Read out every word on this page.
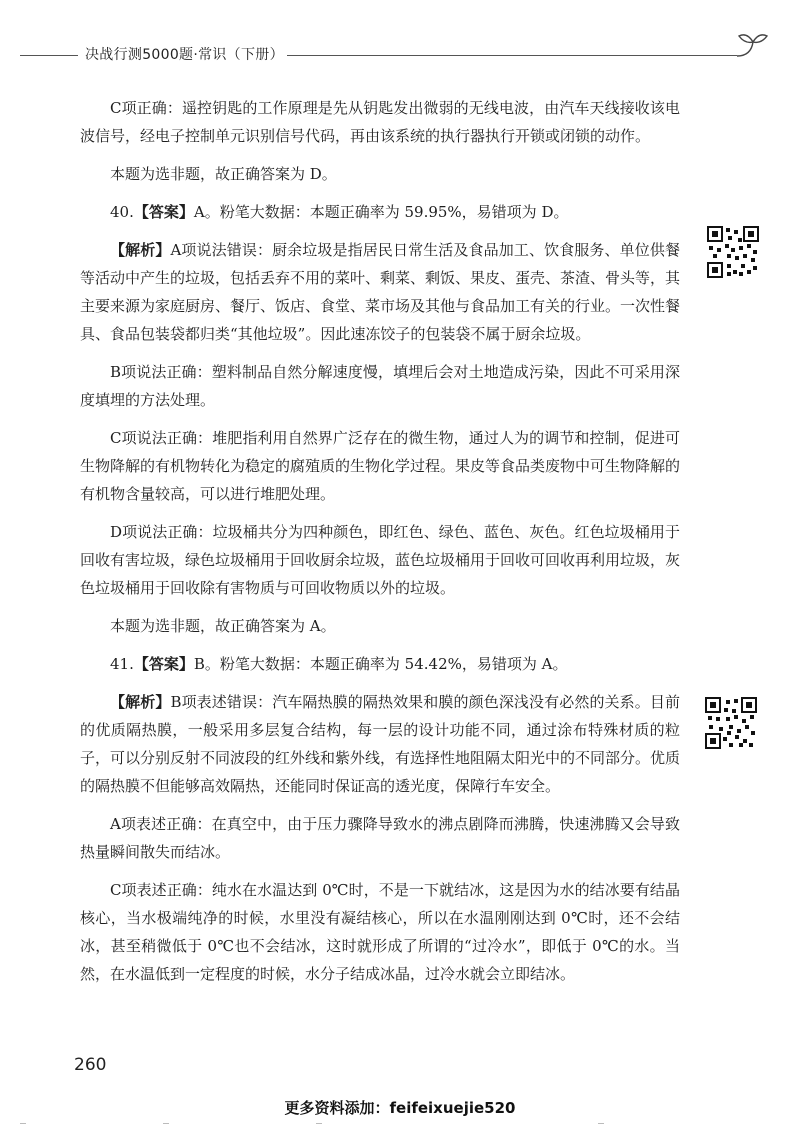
决战行测5000题·常识（下册）

C项正确：遥控钥匙的工作原理是先从钥匙发出微弱的无线电波，由汽车天线接收该电波信号，经电子控制单元识别信号代码，再由该系统的执行器执行开锁或闭锁的动作。

本题为选非题，故正确答案为 D。

40.【答案】A。粉笔大数据：本题正确率为 59.95%，易错项为 D。

【解析】A项说法错误：厨余垃圾是指居民日常生活及食品加工、饮食服务、单位供餐等活动中产生的垃圾，包括丢弃不用的菜叶、剩菜、剩饭、果皮、蛋壳、茶渣、骨头等，其主要来源为家庭厨房、餐厅、饭店、食堂、菜市场及其他与食品加工有关的行业。一次性餐具、食品包装袋都归类“其他垃圾”。因此速冻饺子的包装袋不属于厨余垃圾。

B项说法正确：塑料制品自然分解速度慢，填埋后会对土地造成污染，因此不可采用深度填埋的方法处理。

C项说法正确：堆肥指利用自然界广泛存在的微生物，通过人为的调节和控制，促进可生物降解的有机物转化为稳定的腐殖质的生物化学过程。果皮等食品类废物中可生物降解的有机物含量较高，可以进行堆肥处理。

D项说法正确：垃圾桶共分为四种颜色，即红色、绿色、蓝色、灰色。红色垃圾桶用于回收有害垃圾，绿色垃圾桶用于回收厨余垃圾，蓝色垃圾桶用于回收可回收再利用垃圾，灰色垃圾桶用于回收除有害物质与可回收物质以外的垃圾。

本题为选非题，故正确答案为 A。

41.【答案】B。粉笔大数据：本题正确率为 54.42%，易错项为 A。

【解析】B项表述错误：汽车隔热膜的隔热效果和膜的颜色深浅没有必然的关系。目前的优质隔热膜，一般采用多层复合结构，每一层的设计功能不同，通过涂布特殊材质的粒子，可以分别反射不同波段的红外线和紫外线，有选择性地阻隔太阳光中的不同部分。优质的隔热膜不但能够高效隔热，还能同时保证高的透光度，保障行车安全。

A项表述正确：在真空中，由于压力骤降导致水的沸点剧降而沸腾，快速沸腾又会导致热量瞬间散失而结冰。

C项表述正确：纯水在水温达到 0℃时，不是一下就结冰，这是因为水的结冰要有结晶核心，当水极端纯净的时候，水里没有凝结核心，所以在水温刚刚达到 0℃时，还不会结冰，甚至稍微低于 0℃也不会结冰，这时就形成了所谓的“过冷水”，即低于 0℃的水。当然，在水温低到一定程度的时候，水分子结成冰晶，过冷水就会立即结冰。

260
更多资料添加：feifeixuejie520
